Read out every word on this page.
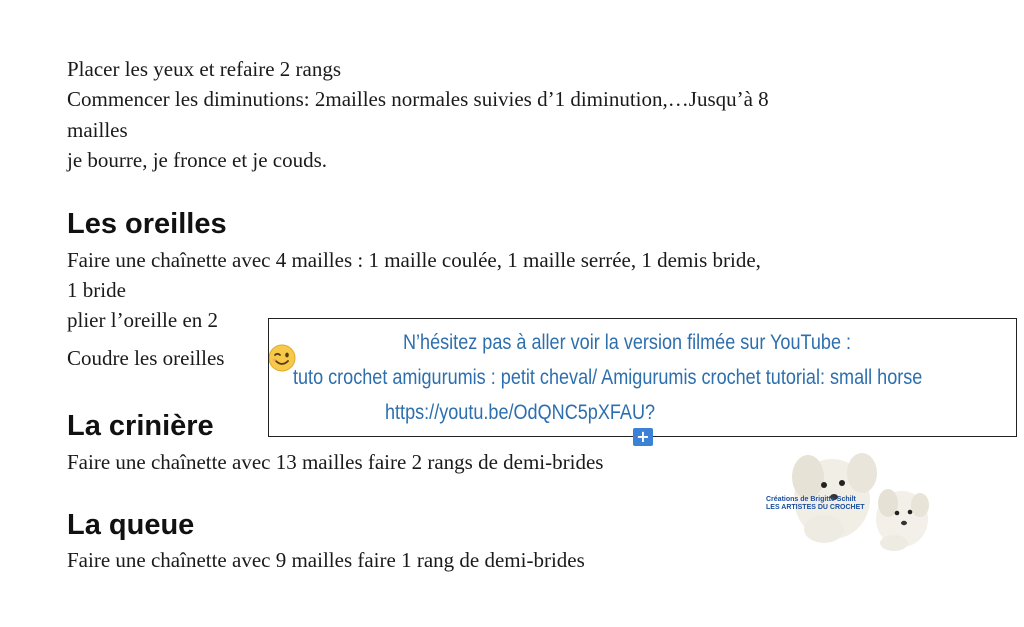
Placer les yeux et refaire 2 rangs
Commencer les diminutions: 2mailles normales suivies d’1 diminution,…Jusqu’à 8
mailles
je bourre, je fronce et je couds.
Les oreilles
Faire une chaînette avec 4 mailles : 1 maille coulée, 1 maille serrée, 1 demis bride,
1 bride
plier l’oreille en 2
Coudre les oreilles
La crinière
Faire une chaînette avec 13 mailles faire 2 rangs de demi-brides
La queue
Faire une chaînette avec 9 mailles faire 1 rang de demi-brides
N’hésitez pas à aller voir la version filmée sur YouTube :
tuto crochet amigurumis : petit cheval/ Amigurumis crochet tutorial: small horse
https://youtu.be/OdQNC5pXFAU?
+
Créations de Brigitte Schilt
LES ARTISTES DU CROCHET
